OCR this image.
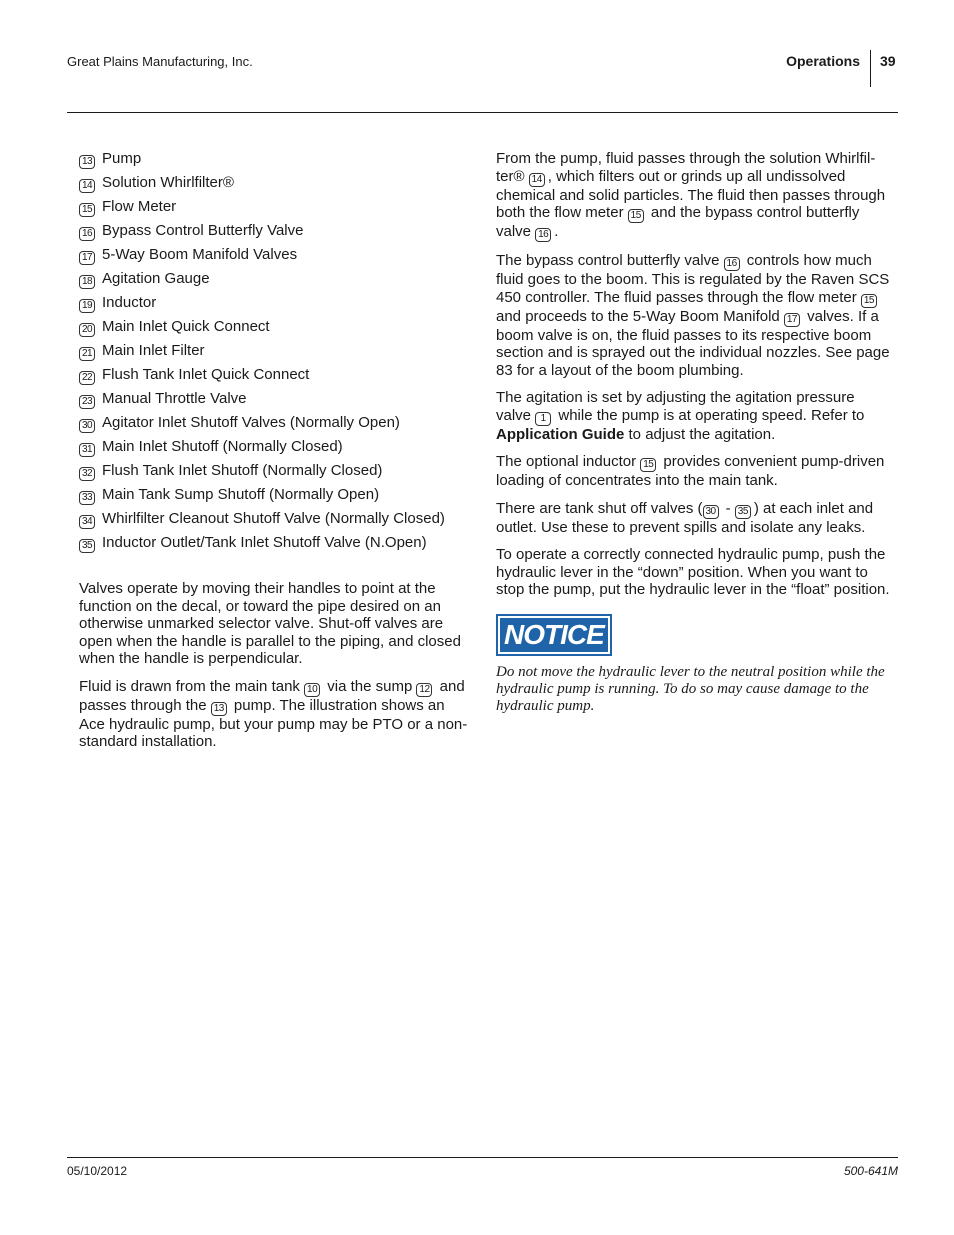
Great Plains Manufacturing, Inc.	Operations 39
13 Pump
14 Solution Whirlfilter®
15 Flow Meter
16 Bypass Control Butterfly Valve
17 5-Way Boom Manifold Valves
18 Agitation Gauge
19 Inductor
20 Main Inlet Quick Connect
21 Main Inlet Filter
22 Flush Tank Inlet Quick Connect
23 Manual Throttle Valve
30 Agitator Inlet Shutoff Valves (Normally Open)
31 Main Inlet Shutoff (Normally Closed)
32 Flush Tank Inlet Shutoff (Normally Closed)
33 Main Tank Sump Shutoff (Normally Open)
34 Whirlfilter Cleanout Shutoff Valve (Normally Closed)
35 Inductor Outlet/Tank Inlet Shutoff Valve (N.Open)

Valves operate by moving their handles to point at the function on the decal, or toward the pipe desired on an otherwise unmarked selector valve. Shut-off valves are open when the handle is parallel to the piping, and closed when the handle is perpendicular.

Fluid is drawn from the main tank 10 via the sump 12 and passes through the 13 pump. The illustration shows an Ace hydraulic pump, but your pump may be PTO or a non-standard installation.

From the pump, fluid passes through the solution Whirlfil-ter® 14 , which filters out or grinds up all undissolved chemical and solid particles. The fluid then passes through both the flow meter 15 and the bypass control butterfly valve 16 .

The bypass control butterfly valve 16 controls how much fluid goes to the boom. This is regulated by the Raven SCS 450 controller. The fluid passes through the flow meter 15 and proceeds to the 5-Way Boom Manifold 17 valves. If a boom valve is on, the fluid passes to its respective boom section and is sprayed out the individual nozzles. See page 83 for a layout of the boom plumbing.

The agitation is set by adjusting the agitation pressure valve 1 while the pump is at operating speed. Refer to Application Guide to adjust the agitation.

The optional inductor 15 provides convenient pump-driven loading of concentrates into the main tank.

There are tank shut off valves ( 30 - 35 ) at each inlet and outlet. Use these to prevent spills and isolate any leaks.

To operate a correctly connected hydraulic pump, push the hydraulic lever in the “down” position. When you want to stop the pump, put the hydraulic lever in the “float” position.

NOTICE

Do not move the hydraulic lever to the neutral position while the hydraulic pump is running. To do so may cause damage to the hydraulic pump.

05/10/2012	500-641M
